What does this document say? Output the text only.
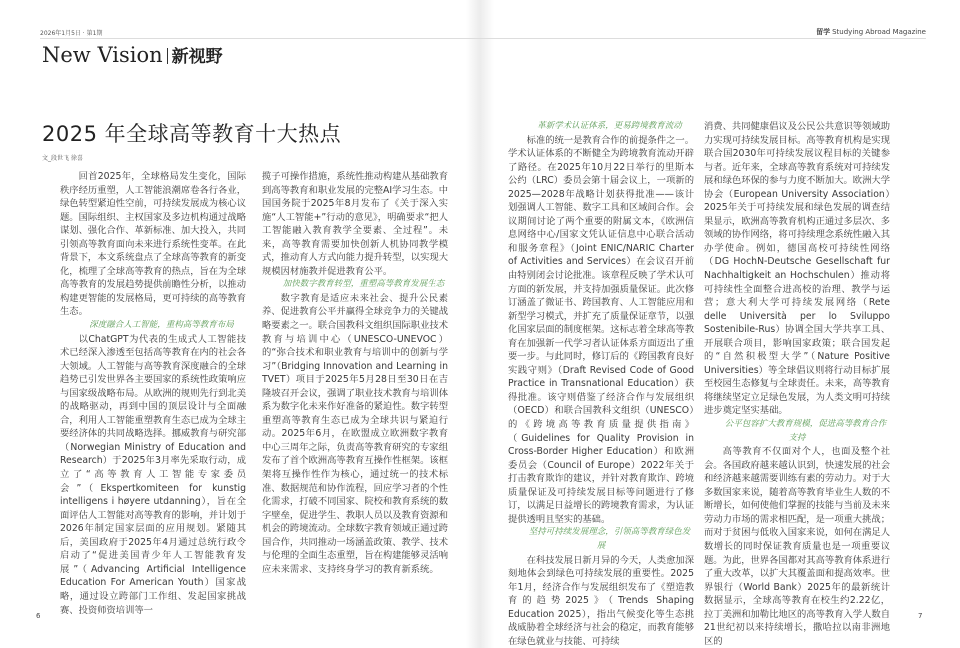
2026年1月5日 · 第1期	留学 Studying Abroad Magazine
New Vision 新视野
2025 年全球高等教育十大热点
文_段世飞 徐喜

回首2025年，全球格局发生变化，国际秩序经历重塑，人工智能浪潮席卷各行各业，绿色转型紧迫性空前，可持续发展成为核心议题。国际组织、主权国家及多边机构通过战略谋划、强化合作、革新标准、加大投入，共同引领高等教育面向未来进行系统性变革。在此背景下，本文系统盘点了全球高等教育的新变化，梳理了全球高等教育的热点，旨在为全球高等教育的发展趋势提供前瞻性分析，以推动构建更智能的发展格局，更可持续的高等教育生态。

深度融合人工智能，重构高等教育布局

以ChatGPT为代表的生成式人工智能技术已经深入渗透至包括高等教育在内的社会各大领域。人工智能与高等教育深度融合的全球趋势已引发世界各主要国家的系统性政策响应与国家级战略布局。从欧洲的规则先行到北美的战略驱动，再到中国的顶层设计与全面融合，利用人工智能重塑教育生态已成为全球主要经济体的共同战略选择。挪威教育与研究部（Norwegian Ministry of Education and Research）于2025年3月率先采取行动，成立了“高等教育人工智能专家委员会”（Ekspertkomiteen for kunstig intelligens i høyere utdanning），旨在全面评估人工智能对高等教育的影响，并计划于2026年制定国家层面的应用规划。紧随其后，美国政府于2025年4月通过总统行政令启动了“促进美国青少年人工智能教育发展”（Advancing Artificial Intelligence Education For American Youth）国家战略，通过设立跨部门工作组、发起国家挑战赛、投资师资培训等一

揽子可操作措施，系统性推动构建从基础教育到高等教育和职业发展的完整AI学习生态。中国国务院于2025年8月发布了《关于深入实施“人工智能+”行动的意见》，明确要求“把人工智能融入教育教学全要素、全过程”。未来，高等教育需要加快创新人机协同教学模式，推动育人方式向能力提升转型，以实现大规模因材施教并促进教育公平。

加快数字教育转型，重塑高等教育发展生态

数字教育是适应未来社会、提升公民素养、促进教育公平并赢得全球竞争力的关键战略要素之一。联合国教科文组织国际职业技术教育与培训中心（UNESCO-UNEVOC）的“弥合技术和职业教育与培训中的创新与学习”（Bridging Innovation and Learning in TVET）项目于2025年5月28日至30日在吉隆坡召开会议，强调了职业技术教育与培训体系为数字化未来作好准备的紧迫性。数字转型重塑高等教育生态已成为全球共识与紧迫行动。2025年6月，在欧盟成立欧洲数字教育中心三周年之际，负责高等教育研究的专家组发布了首个欧洲高等教育互操作性框架。该框架将互操作性作为核心，通过统一的技术标准、数据规范和协作流程，回应学习者的个性化需求，打破不同国家、院校和教育系统的数字壁垒，促进学生、教职人员以及教育资源和机会的跨境流动。全球数字教育领域正通过跨国合作，共同推动一场涵盖政策、教学、技术与伦理的全面生态重塑，旨在构建能够灵活响应未来需求、支持终身学习的教育新系统。

革新学术认证体系，更易跨境教育流动

标准的统一是教育合作的前提条件之一。学术认证体系的不断健全为跨境教育流动开辟了路径。在2025年10月22日举行的里斯本公约（LRC）委员会第十届会议上，一项新的2025—2028年战略计划获得批准——该计划强调人工智能、数字工具和区域间合作。会议期间讨论了两个重要的附属文本，《欧洲信息网络中心/国家文凭认证信息中心联合活动和服务章程》（Joint ENIC/NARIC Charter of Activities and Services）在会议召开前由特别闭会讨论批准。该章程反映了学术认可方面的新发展，并支持加强质量保证。此次修订涵盖了微证书、跨国教育、人工智能应用和新型学习模式，并扩充了质量保证章节，以强化国家层面的制度框架。这标志着全球高等教育在加强新一代学习者认证体系方面迈出了重要一步。与此同时，修订后的《跨国教育良好实践守则》（Draft Revised Code of Good Practice in Transnational Education）获得批准。该守则借鉴了经济合作与发展组织（OECD）和联合国教科文组织（UNESCO）的《跨境高等教育质量提供指南》（Guidelines for Quality Provision in Cross-Border Higher Education）和欧洲委员会（Council of Europe）2022年关于打击教育欺诈的建议，并针对教育欺诈、跨境质量保证及可持续发展目标等问题进行了修订，以满足日益增长的跨境教育需求，为认证提供透明且坚实的基础。

坚持可持续发展理念，引领高等教育绿色发展

在科技发展日新月异的今天，人类愈加深刻地体会到绿色可持续发展的重要性。2025年1月，经济合作与发展组织发布了《塑造教育的趋势2025》（Trends Shaping Education 2025），指出气候变化等生态挑战威胁着全球经济与社会的稳定，而教育能够在绿色就业与技能、可持续

消费、共同健康倡议及公民公共意识等领域助力实现可持续发展目标。高等教育机构是实现联合国2030年可持续发展议程目标的关键参与者。近年来，全球高等教育系统对可持续发展和绿色环保的参与力度不断加大。欧洲大学协会（European University Association）2025年关于可持续发展和绿色发展的调查结果显示，欧洲高等教育机构正通过多层次、多领域的协作网络，将可持续理念系统性融入其办学使命。例如，德国高校可持续性网络（DG HochN-Deutsche Gesellschaft fur Nachhaltigkeit an Hochschulen）推动将可持续性全面整合进高校的治理、教学与运营；意大利大学可持续发展网络（Rete delle Università per lo Sviluppo Sostenibile-Rus）协调全国大学共享工具、开展联合项目，影响国家政策；联合国发起的“自然积极型大学”（Nature Positive Universities）等全球倡议则将行动目标扩展至校园生态修复与全球责任。未来，高等教育将继续坚定立足绿色发展，为人类文明可持续进步奠定坚实基础。

公平包容扩大教育规模，促进高等教育合作支持

高等教育不仅面对个人，也面及整个社会。各国政府越来越认识到，快速发展的社会和经济越来越需要训练有素的劳动力。对于大多数国家来说，随着高等教育毕业生人数的不断增长，如何使他们掌握的技能与当前及未来劳动力市场的需求相匹配，是一项重大挑战；而对于贫困与低收入国家来说，如何在满足人数增长的同时保证教育质量也是一项重要议题。为此，世界各国都对其高等教育体系进行了重大改革，以扩大其覆盖面和提高效率。世界银行（World Bank）2025年的最新统计数据显示，全球高等教育在校生约2.22亿，拉丁美洲和加勒比地区的高等教育入学人数自21世纪初以来持续增长，撒哈拉以南非洲地区的

6	7
